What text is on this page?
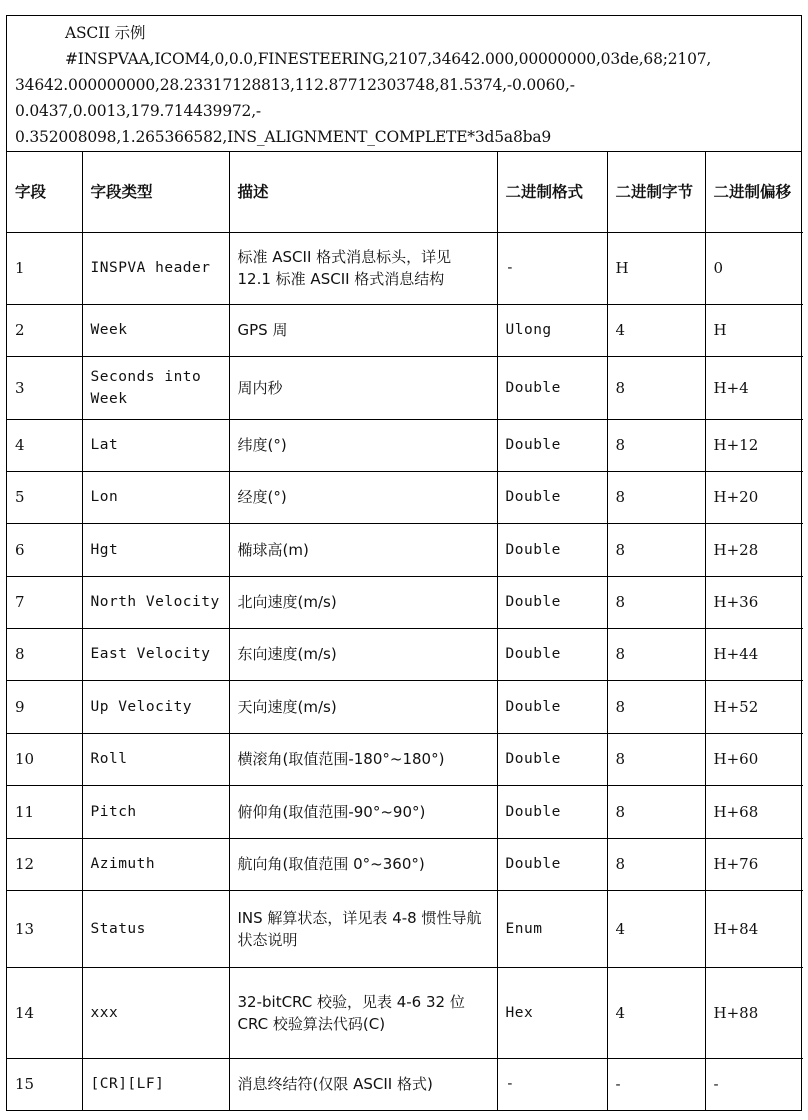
ASCII 示例
#INSPVAA,ICOM4,0,0.0,FINESTEERING,2107,34642.000,00000000,03de,68;2107,
34642.000000000,28.23317128813,112.87712303748,81.5374,-0.0060,-
0.0437,0.0013,179.714439972,-
0.352008098,1.265366582,INS_ALIGNMENT_COMPLETE*3d5a8ba9
字段	字段类型	描述	二进制格式	二进制字节	二进制偏移
1	INSPVA header	标准 ASCII 格式消息标头，详见 12.1 标准 ASCII 格式消息结构	-	H	0
2	Week	GPS 周	Ulong	4	H
3	Seconds into Week	周内秒	Double	8	H+4
4	Lat	纬度(°)	Double	8	H+12
5	Lon	经度(°)	Double	8	H+20
6	Hgt	椭球高(m)	Double	8	H+28
7	North Velocity	北向速度(m/s)	Double	8	H+36
8	East Velocity	东向速度(m/s)	Double	8	H+44
9	Up Velocity	天向速度(m/s)	Double	8	H+52
10	Roll	横滚角(取值范围-180°~180°)	Double	8	H+60
11	Pitch	俯仰角(取值范围-90°~90°)	Double	8	H+68
12	Azimuth	航向角(取值范围 0°~360°)	Double	8	H+76
13	Status	INS 解算状态，详见表 4-8 惯性导航状态说明	Enum	4	H+84
14	xxx	32-bitCRC 校验，见表 4-6 32 位 CRC 校验算法代码(C)	Hex	4	H+88
15	[CR][LF]	消息终结符(仅限 ASCII 格式)	-	-	-
